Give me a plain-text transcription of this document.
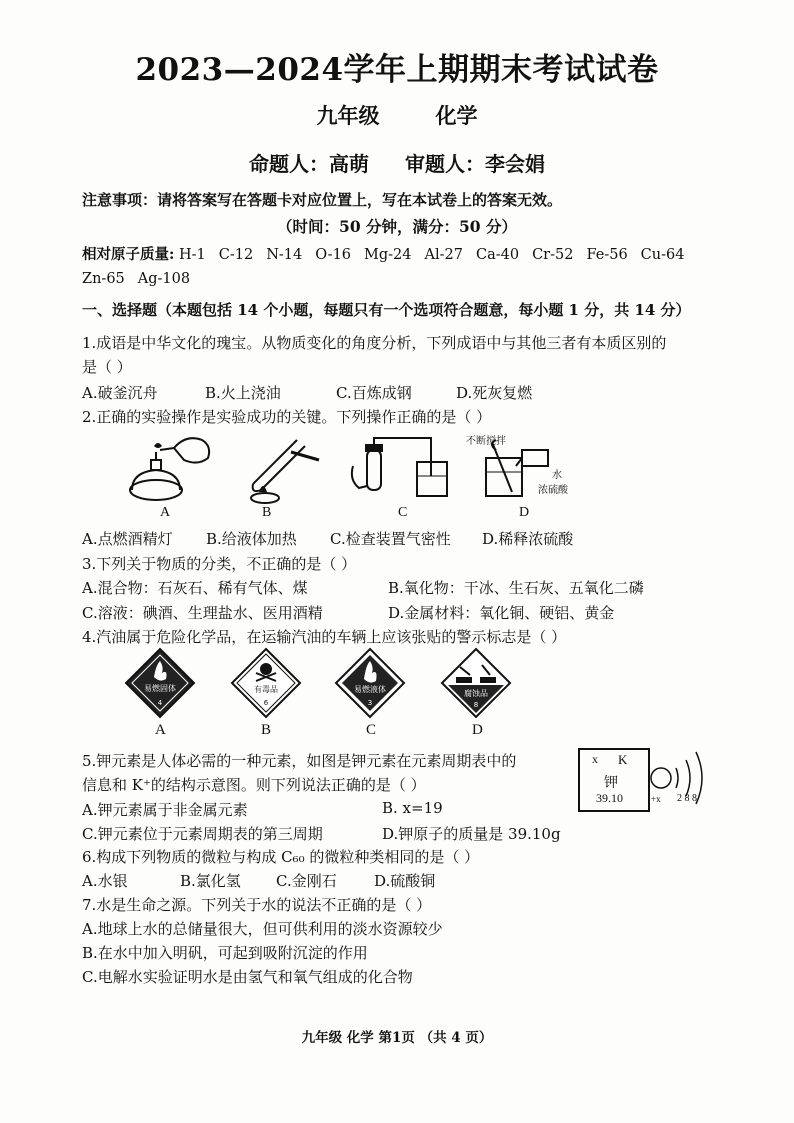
2023—2024学年上期期末考试试卷
九年级	化学
命题人：高萌 审题人：李会娟
注意事项：请将答案写在答题卡对应位置上，写在本试卷上的答案无效。
（时间：50 分钟，满分：50 分）
相对原子质量: H-1 C-12 N-14 O-16 Mg-24 Al-27 Ca-40 Cr-52 Fe-56 Cu-64
Zn-65 Ag-108
一、选择题（本题包括 14 个小题，每题只有一个选项符合题意，每小题 1 分，共 14 分）
1.成语是中华文化的瑰宝。从物质变化的角度分析，下列成语中与其他三者有本质区别的
是（ ）
A.破釜沉舟	B.火上浇油	C.百炼成钢	D.死灰复燃
2.正确的实验操作是实验成功的关键。下列操作正确的是（ ）
不断搅拌
水
浓硫酸
A	B	C	D
A.点燃酒精灯 B.给液体加热 C.检查装置气密性 D.稀释浓硫酸
3.下列关于物质的分类，不正确的是（ ）
A.混合物：石灰石、稀有气体、煤	B.氧化物：干冰、生石灰、五氧化二磷
C.溶液：碘酒、生理盐水、医用酒精	D.金属材料：氧化铜、硬铝、黄金
4.汽油属于危险化学品，在运输汽油的车辆上应该张贴的警示标志是（ ）
易燃固体
4
有毒品
6
易燃液体
3
腐蚀品
8
A	B	C	D
5.钾元素是人体必需的一种元素，如图是钾元素在元素周期表中的
信息和 K⁺的结构示意图。则下列说法正确的是（ ）
A.钾元素属于非金属元素	B. x=19
C.钾元素位于元素周期表的第三周期	D.钾原子的质量是 39.10g
x K
钾
39.10	+x 2 8 8
6.构成下列物质的微粒与构成 C₆₀ 的微粒种类相同的是（ ）
A.水银	B.氯化氢 C.金刚石 D.硫酸铜
7.水是生命之源。下列关于水的说法不正确的是（ ）
A.地球上水的总储量很大，但可供利用的淡水资源较少
B.在水中加入明矾，可起到吸附沉淀的作用
C.电解水实验证明水是由氢气和氧气组成的化合物
九年级 化学 第1页 （共 4 页）
